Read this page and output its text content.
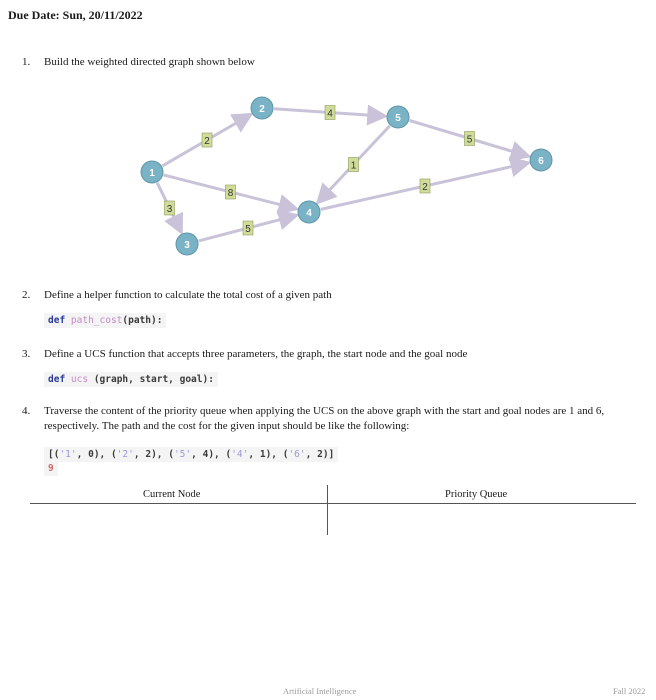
Due Date: Sun, 20/11/2022
1. Build the weighted directed graph shown below
1
2
3
4
5
6
2
3
8
4
5
1
5
2
2. Define a helper function to calculate the total cost of a given path
def path_cost(path):
3. Define a UCS function that accepts three parameters, the graph, the start node and the goal node
def ucs (graph, start, goal):
4. Traverse the content of the priority queue when applying the UCS on the above graph with the start and goal nodes are 1 and 6, respectively. The path and the cost for the given input should be like the following:
[('1', 0), ('2', 2), ('5', 4), ('4', 1), ('6', 2)]
9
Current Node	Priority Queue
Artificial Intelligence	Fall 2022
